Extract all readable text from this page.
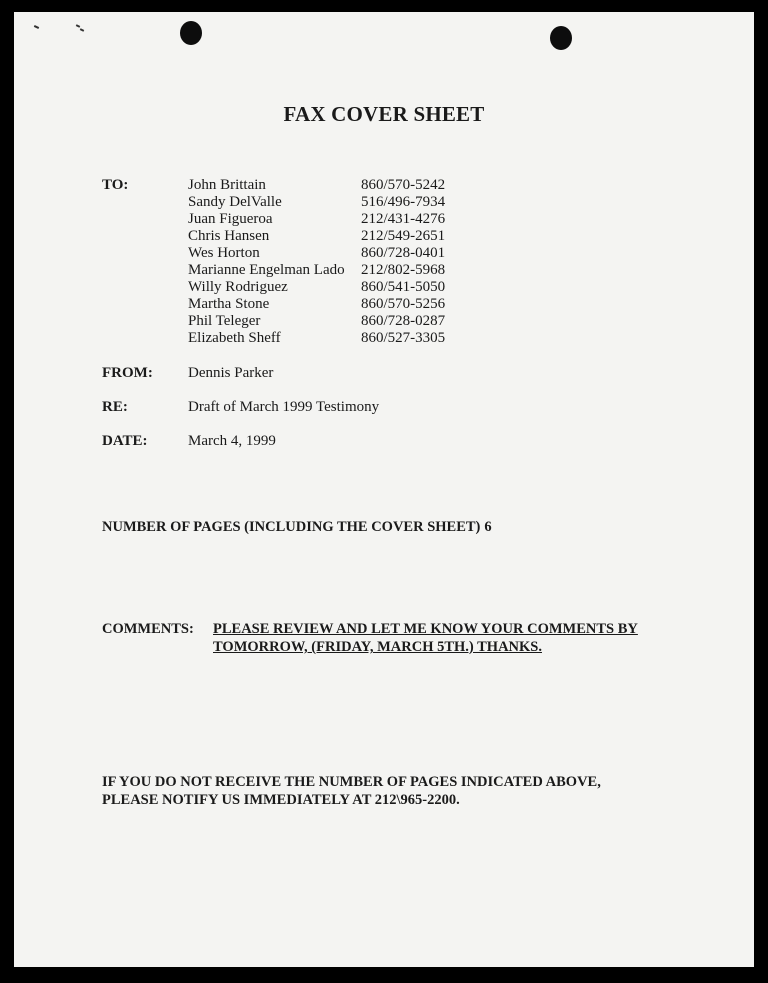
FAX COVER SHEET
TO:	John Brittain	860/570-5242
Sandy DelValle	516/496-7934
Juan Figueroa	212/431-4276
Chris Hansen	212/549-2651
Wes Horton	860/728-0401
Marianne Engelman Lado	212/802-5968
Willy Rodriguez	860/541-5050
Martha Stone	860/570-5256
Phil Teleger	860/728-0287
Elizabeth Sheff	860/527-3305
FROM: Dennis Parker
RE:	Draft of March 1999 Testimony
DATE:	March 4, 1999
NUMBER OF PAGES (INCLUDING THE COVER SHEET) 6
COMMENTS: PLEASE REVIEW AND LET ME KNOW YOUR COMMENTS BY
TOMORROW, (FRIDAY, MARCH 5TH.) THANKS.
IF YOU DO NOT RECEIVE THE NUMBER OF PAGES INDICATED ABOVE,
PLEASE NOTIFY US IMMEDIATELY AT 212\965-2200.
